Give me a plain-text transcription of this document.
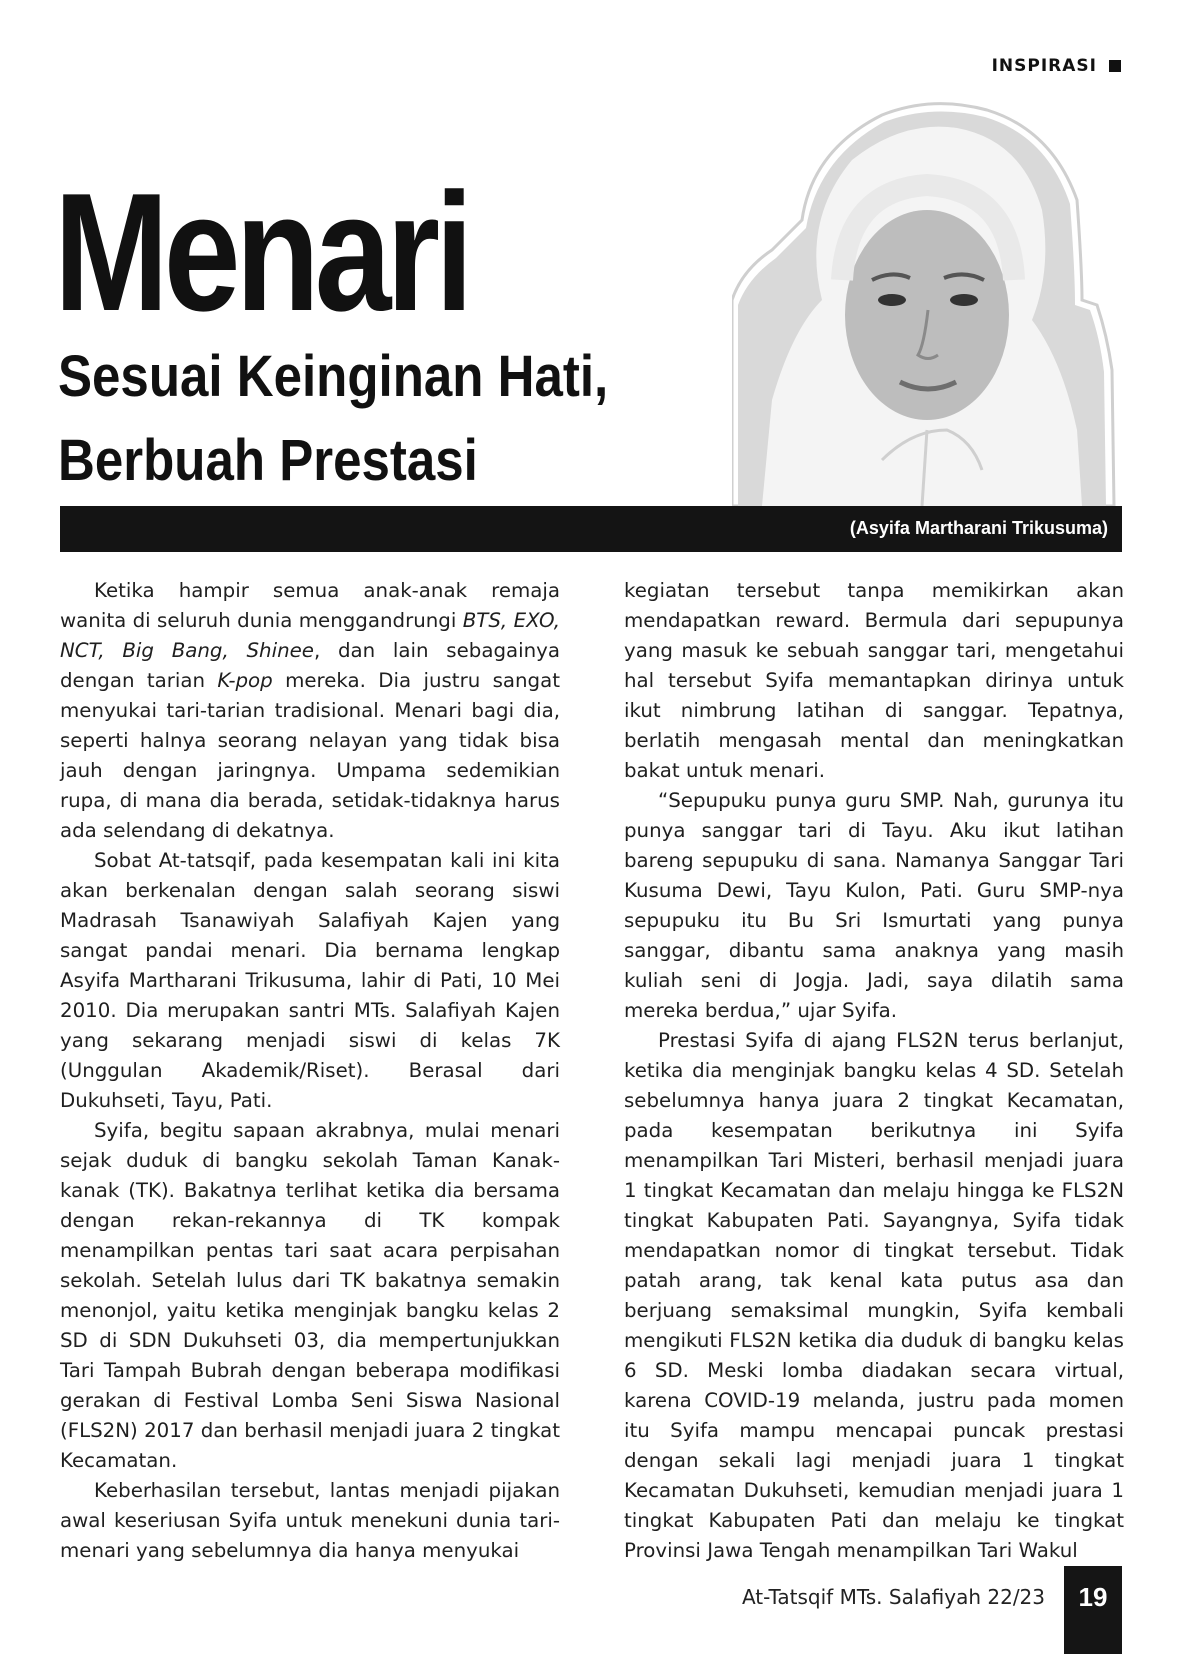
INSPIRASI
Menari
Sesuai Keinginan Hati,
Berbuah Prestasi
(Asyifa Martharani Trikusuma)

Ketika hampir semua anak-anak remaja wanita di seluruh dunia menggandrungi BTS, EXO, NCT, Big Bang, Shinee, dan lain sebagainya dengan tarian K-pop mereka. Dia justru sangat menyukai tari-tarian tradisional. Menari bagi dia, seperti halnya seorang nelayan yang tidak bisa jauh dengan jaringnya. Umpama sedemikian rupa, di mana dia berada, setidak-tidaknya harus ada selendang di dekatnya.

Sobat At-tatsqif, pada kesempatan kali ini kita akan berkenalan dengan salah seorang siswi Madrasah Tsanawiyah Salafiyah Kajen yang sangat pandai menari. Dia bernama lengkap Asyifa Martharani Trikusuma, lahir di Pati, 10 Mei 2010. Dia merupakan santri MTs. Salafiyah Kajen yang sekarang menjadi siswi di kelas 7K (Unggulan Akademik/Riset). Berasal dari Dukuhseti, Tayu, Pati.

Syifa, begitu sapaan akrabnya, mulai menari sejak duduk di bangku sekolah Taman Kanak-kanak (TK). Bakatnya terlihat ketika dia bersama dengan rekan-rekannya di TK kompak menampilkan pentas tari saat acara perpisahan sekolah. Setelah lulus dari TK bakatnya semakin menonjol, yaitu ketika menginjak bangku kelas 2 SD di SDN Dukuhseti 03, dia mempertunjukkan Tari Tampah Bubrah dengan beberapa modifikasi gerakan di Festival Lomba Seni Siswa Nasional (FLS2N) 2017 dan berhasil menjadi juara 2 tingkat Kecamatan.

Keberhasilan tersebut, lantas menjadi pijakan awal keseriusan Syifa untuk menekuni dunia tari-menari yang sebelumnya dia hanya menyukai

kegiatan tersebut tanpa memikirkan akan mendapatkan reward. Bermula dari sepupunya yang masuk ke sebuah sanggar tari, mengetahui hal tersebut Syifa memantapkan dirinya untuk ikut nimbrung latihan di sanggar. Tepatnya, berlatih mengasah mental dan meningkatkan bakat untuk menari.

“Sepupuku punya guru SMP. Nah, gurunya itu punya sanggar tari di Tayu. Aku ikut latihan bareng sepupuku di sana. Namanya Sanggar Tari Kusuma Dewi, Tayu Kulon, Pati. Guru SMP-nya sepupuku itu Bu Sri Ismurtati yang punya sanggar, dibantu sama anaknya yang masih kuliah seni di Jogja. Jadi, saya dilatih sama mereka berdua,” ujar Syifa.

Prestasi Syifa di ajang FLS2N terus berlanjut, ketika dia menginjak bangku kelas 4 SD. Setelah sebelumnya hanya juara 2 tingkat Kecamatan, pada kesempatan berikutnya ini Syifa menampilkan Tari Misteri, berhasil menjadi juara 1 tingkat Kecamatan dan melaju hingga ke FLS2N tingkat Kabupaten Pati. Sayangnya, Syifa tidak mendapatkan nomor di tingkat tersebut. Tidak patah arang, tak kenal kata putus asa dan berjuang semaksimal mungkin, Syifa kembali mengikuti FLS2N ketika dia duduk di bangku kelas 6 SD. Meski lomba diadakan secara virtual, karena COVID-19 melanda, justru pada momen itu Syifa mampu mencapai puncak prestasi dengan sekali lagi menjadi juara 1 tingkat Kecamatan Dukuhseti, kemudian menjadi juara 1 tingkat Kabupaten Pati dan melaju ke tingkat Provinsi Jawa Tengah menampilkan Tari Wakul

At-Tatsqif MTs. Salafiyah 22/23	19
